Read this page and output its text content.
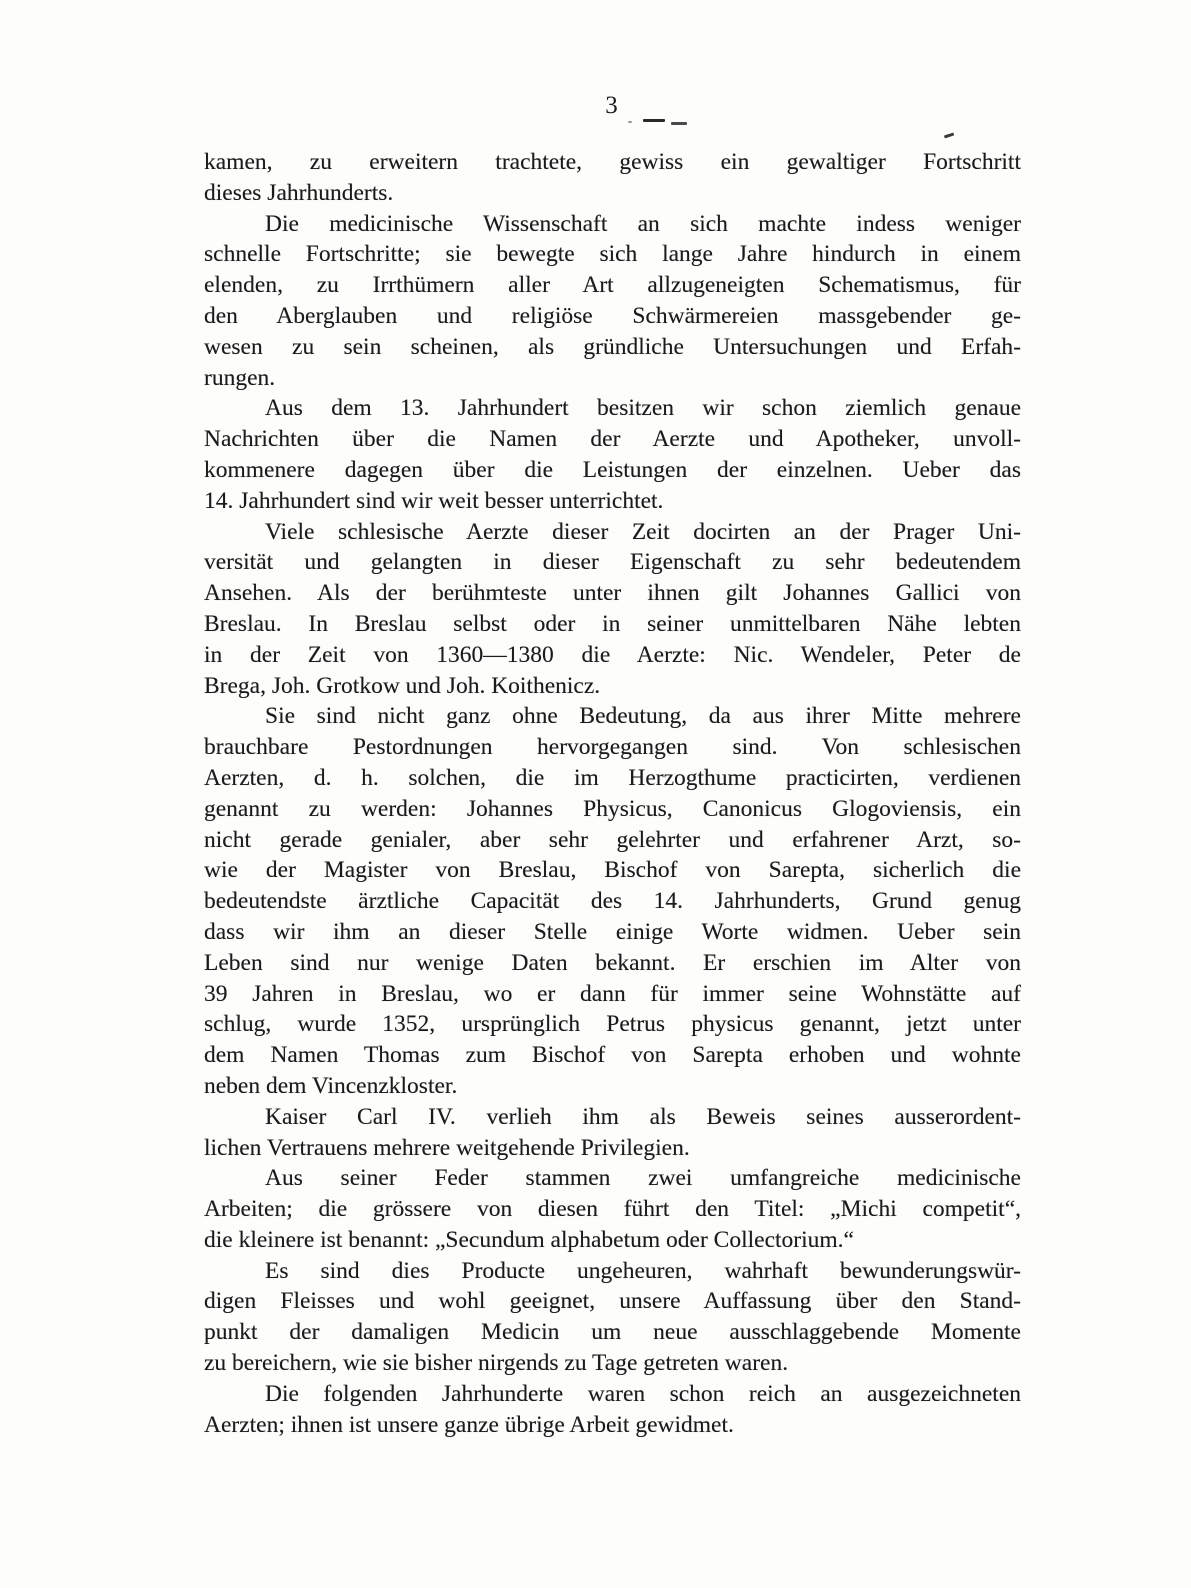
3
kamen, zu erweitern trachtete, gewiss ein gewaltiger Fortschritt
dieses Jahrhunderts.
Die medicinische Wissenschaft an sich machte indess weniger
schnelle Fortschritte; sie bewegte sich lange Jahre hindurch in einem
elenden, zu Irrthümern aller Art allzugeneigten Schematismus, für
den Aberglauben und religiöse Schwärmereien massgebender ge-
wesen zu sein scheinen, als gründliche Untersuchungen und Erfah-
rungen.
Aus dem 13. Jahrhundert besitzen wir schon ziemlich genaue
Nachrichten über die Namen der Aerzte und Apotheker, unvoll-
kommenere dagegen über die Leistungen der einzelnen. Ueber das
14. Jahrhundert sind wir weit besser unterrichtet.
Viele schlesische Aerzte dieser Zeit docirten an der Prager Uni-
versität und gelangten in dieser Eigenschaft zu sehr bedeutendem
Ansehen. Als der berühmteste unter ihnen gilt Johannes Gallici von
Breslau. In Breslau selbst oder in seiner unmittelbaren Nähe lebten
in der Zeit von 1360—1380 die Aerzte: Nic. Wendeler, Peter de
Brega, Joh. Grotkow und Joh. Koithenicz.
Sie sind nicht ganz ohne Bedeutung, da aus ihrer Mitte mehrere
brauchbare Pestordnungen hervorgegangen sind. Von schlesischen
Aerzten, d. h. solchen, die im Herzogthume practicirten, verdienen
genannt zu werden: Johannes Physicus, Canonicus Glogoviensis, ein
nicht gerade genialer, aber sehr gelehrter und erfahrener Arzt, so-
wie der Magister von Breslau, Bischof von Sarepta, sicherlich die
bedeutendste ärztliche Capacität des 14. Jahrhunderts, Grund genug
dass wir ihm an dieser Stelle einige Worte widmen. Ueber sein
Leben sind nur wenige Daten bekannt. Er erschien im Alter von
39 Jahren in Breslau, wo er dann für immer seine Wohnstätte auf
schlug, wurde 1352, ursprünglich Petrus physicus genannt, jetzt unter
dem Namen Thomas zum Bischof von Sarepta erhoben und wohnte
neben dem Vincenzkloster.
Kaiser Carl IV. verlieh ihm als Beweis seines ausserordent-
lichen Vertrauens mehrere weitgehende Privilegien.
Aus seiner Feder stammen zwei umfangreiche medicinische
Arbeiten; die grössere von diesen führt den Titel: „Michi competit“,
die kleinere ist benannt: „Secundum alphabetum oder Collectorium.“
Es sind dies Producte ungeheuren, wahrhaft bewunderungswür-
digen Fleisses und wohl geeignet, unsere Auffassung über den Stand-
punkt der damaligen Medicin um neue ausschlaggebende Momente
zu bereichern, wie sie bisher nirgends zu Tage getreten waren.
Die folgenden Jahrhunderte waren schon reich an ausgezeichneten
Aerzten; ihnen ist unsere ganze übrige Arbeit gewidmet.
